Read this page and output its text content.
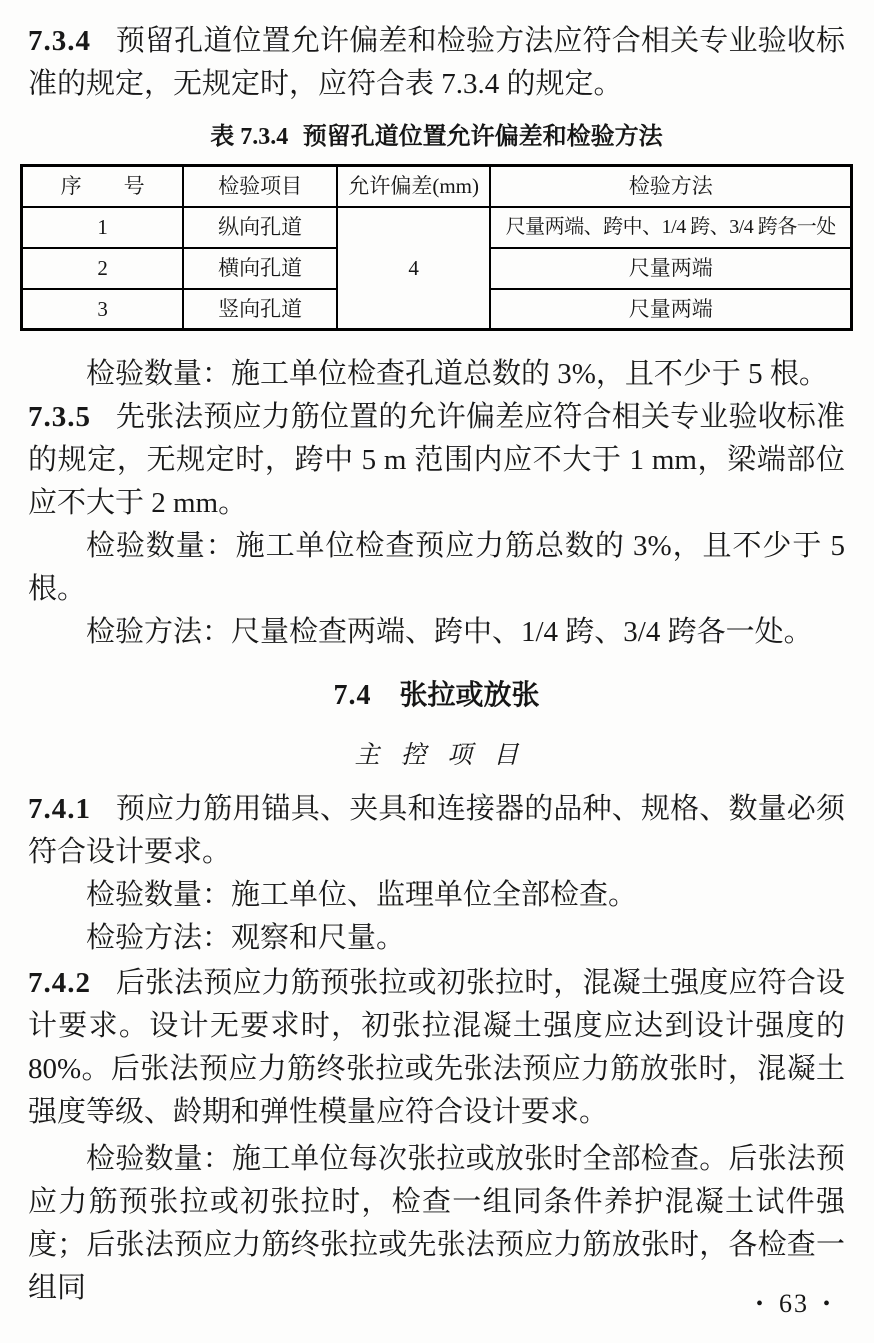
7.3.4 预留孔道位置允许偏差和检验方法应符合相关专业验收标准的规定，无规定时，应符合表 7.3.4 的规定。

表 7.3.4 预留孔道位置允许偏差和检验方法
序　　号	检验项目	允许偏差(mm)	检验方法
1	纵向孔道	4	尺量两端、跨中、1/4 跨、3/4 跨各一处
2	横向孔道		尺量两端
3	竖向孔道		尺量两端

检验数量：施工单位检查孔道总数的 3%，且不少于 5 根。

7.3.5 先张法预应力筋位置的允许偏差应符合相关专业验收标准的规定，无规定时，跨中 5 m 范围内应不大于 1 mm，梁端部位应不大于 2 mm。

检验数量：施工单位检查预应力筋总数的 3%，且不少于 5 根。

检验方法：尺量检查两端、跨中、1/4 跨、3/4 跨各一处。

7.4 张拉或放张
主控项目

7.4.1 预应力筋用锚具、夹具和连接器的品种、规格、数量必须符合设计要求。

检验数量：施工单位、监理单位全部检查。

检验方法：观察和尺量。

7.4.2 后张法预应力筋预张拉或初张拉时，混凝土强度应符合设计要求。设计无要求时，初张拉混凝土强度应达到设计强度的 80%。后张法预应力筋终张拉或先张法预应力筋放张时，混凝土强度等级、龄期和弹性模量应符合设计要求。

检验数量：施工单位每次张拉或放张时全部检查。后张法预应力筋预张拉或初张拉时，检查一组同条件养护混凝土试件强度；后张法预应力筋终张拉或先张法预应力筋放张时，各检查一组同	• 63 •
